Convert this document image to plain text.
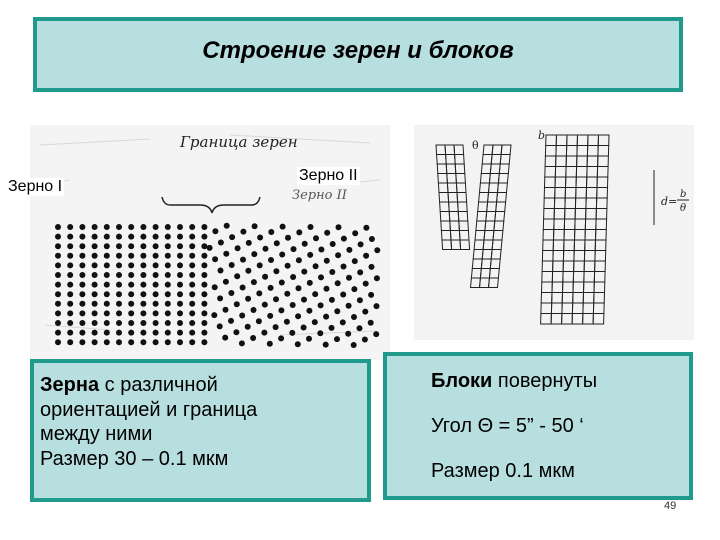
Строение зерен и блоков
Граница зерен
Зерно II
Зерно I
Зерно II
θ
b
d=
b
θ

Зерна с различной

ориентацией и граница

между ними

Размер 30 – 0.1 мкм

Блоки повернуты

Угол Θ = 5” - 50 ‘

Размер 0.1 мкм

49
